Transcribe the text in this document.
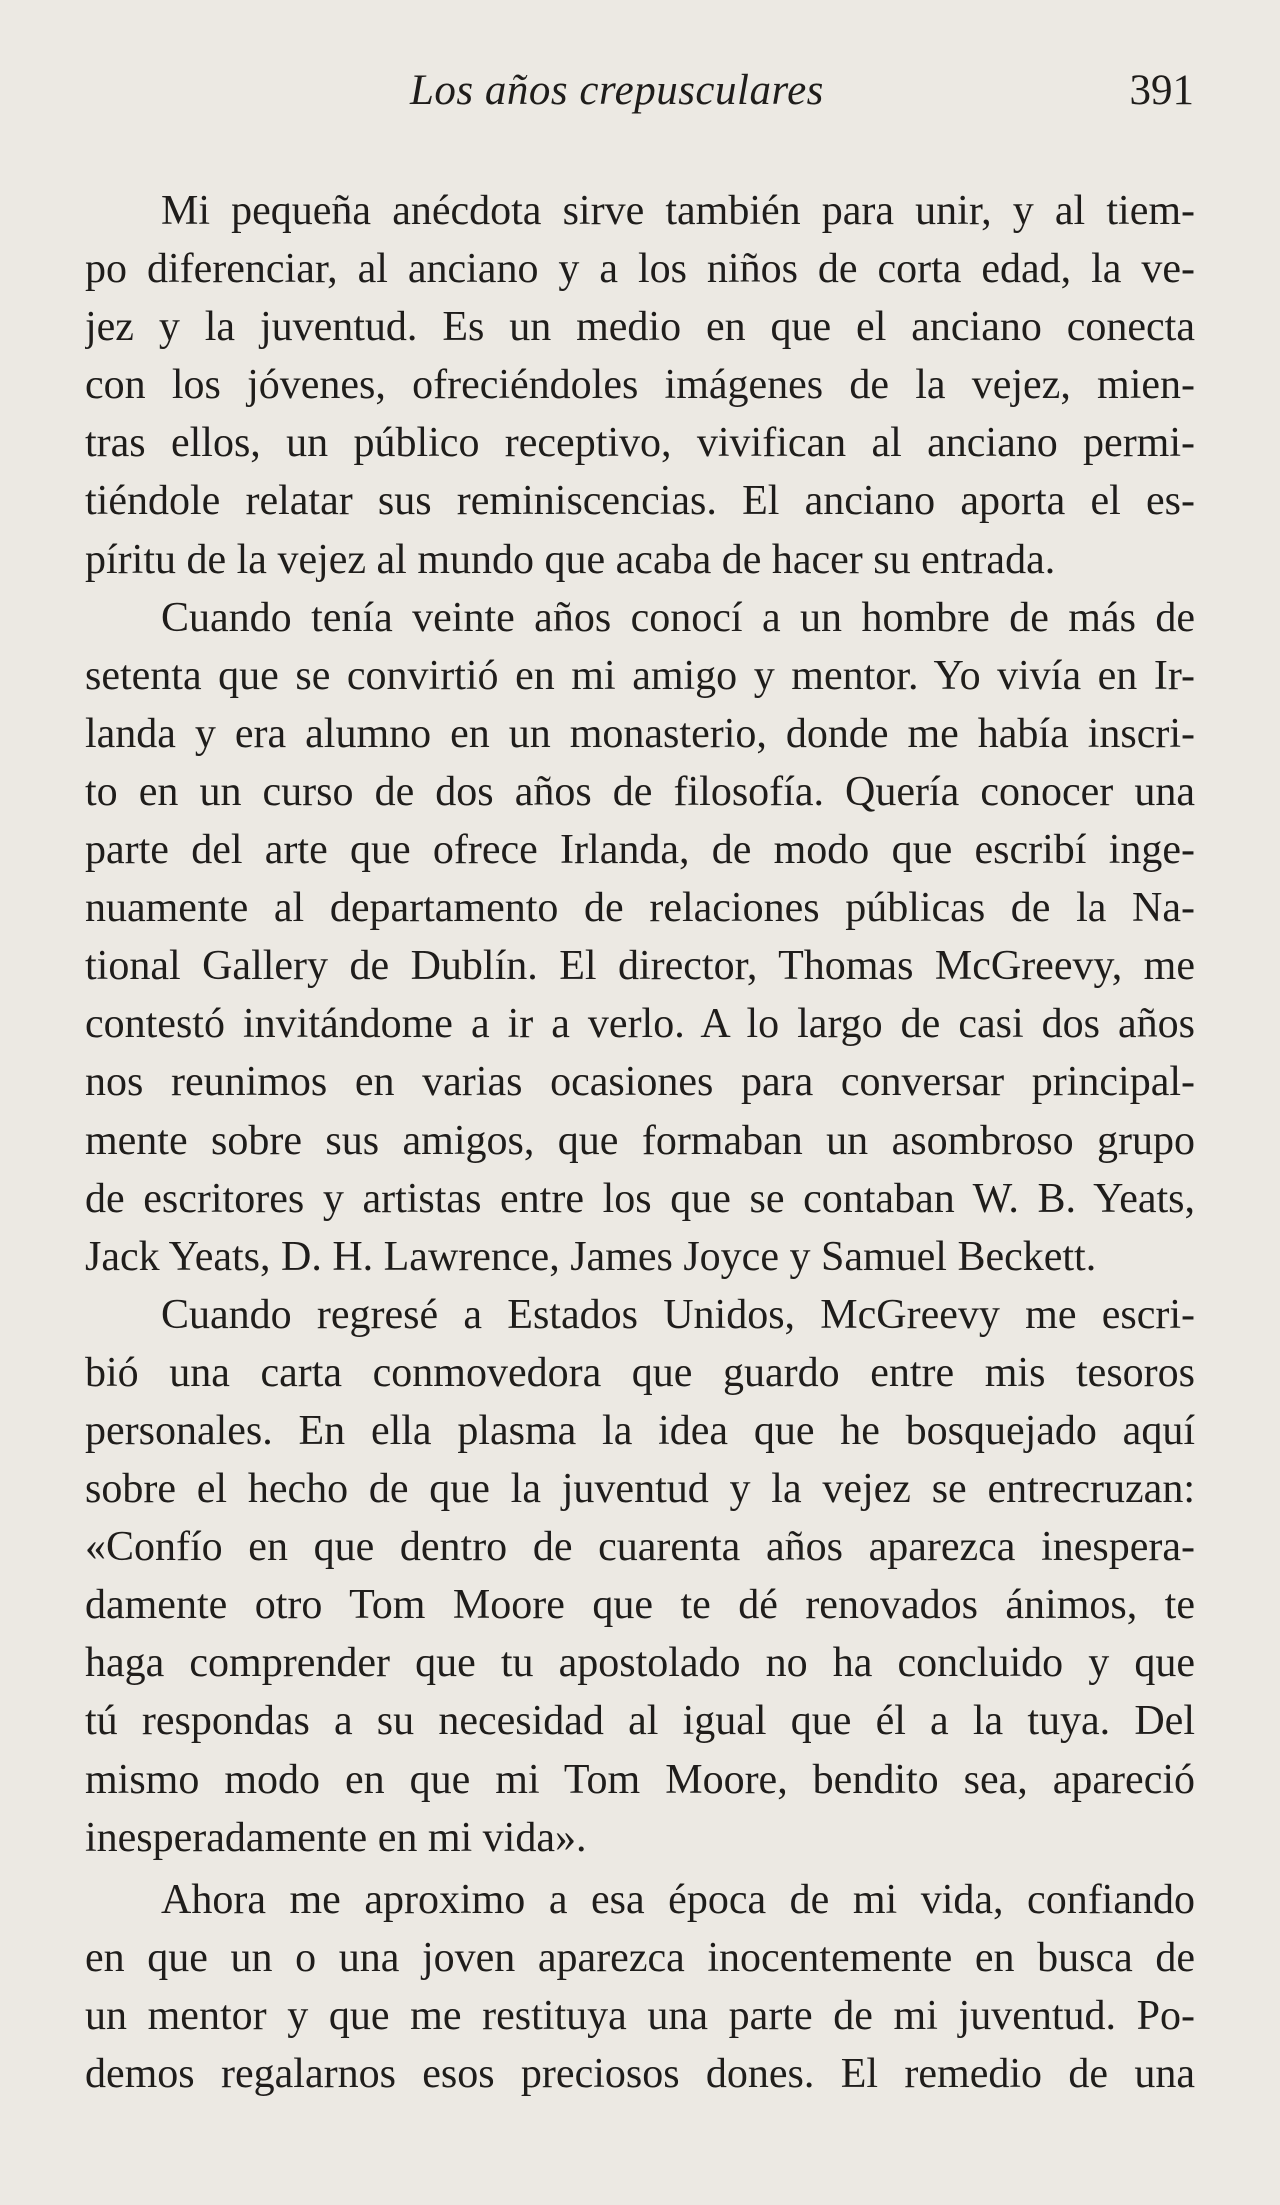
Los años crepusculares	391
Mi pequeña anécdota sirve también para unir, y al tiem-
po diferenciar, al anciano y a los niños de corta edad, la ve-
jez y la juventud. Es un medio en que el anciano conecta
con los jóvenes, ofreciéndoles imágenes de la vejez, mien-
tras ellos, un público receptivo, vivifican al anciano permi-
tiéndole relatar sus reminiscencias. El anciano aporta el es-
píritu de la vejez al mundo que acaba de hacer su entrada.
Cuando tenía veinte años conocí a un hombre de más de
setenta que se convirtió en mi amigo y mentor. Yo vivía en Ir-
landa y era alumno en un monasterio, donde me había inscri-
to en un curso de dos años de filosofía. Quería conocer una
parte del arte que ofrece Irlanda, de modo que escribí inge-
nuamente al departamento de relaciones públicas de la Na-
tional Gallery de Dublín. El director, Thomas McGreevy, me
contestó invitándome a ir a verlo. A lo largo de casi dos años
nos reunimos en varias ocasiones para conversar principal-
mente sobre sus amigos, que formaban un asombroso grupo
de escritores y artistas entre los que se contaban W. B. Yeats,
Jack Yeats, D. H. Lawrence, James Joyce y Samuel Beckett.
Cuando regresé a Estados Unidos, McGreevy me escri-
bió una carta conmovedora que guardo entre mis tesoros
personales. En ella plasma la idea que he bosquejado aquí
sobre el hecho de que la juventud y la vejez se entrecruzan:
«Confío en que dentro de cuarenta años aparezca inespera-
damente otro Tom Moore que te dé renovados ánimos, te
haga comprender que tu apostolado no ha concluido y que
tú respondas a su necesidad al igual que él a la tuya. Del
mismo modo en que mi Tom Moore, bendito sea, apareció
inesperadamente en mi vida».
Ahora me aproximo a esa época de mi vida, confiando
en que un o una joven aparezca inocentemente en busca de
un mentor y que me restituya una parte de mi juventud. Po-
demos regalarnos esos preciosos dones. El remedio de una
